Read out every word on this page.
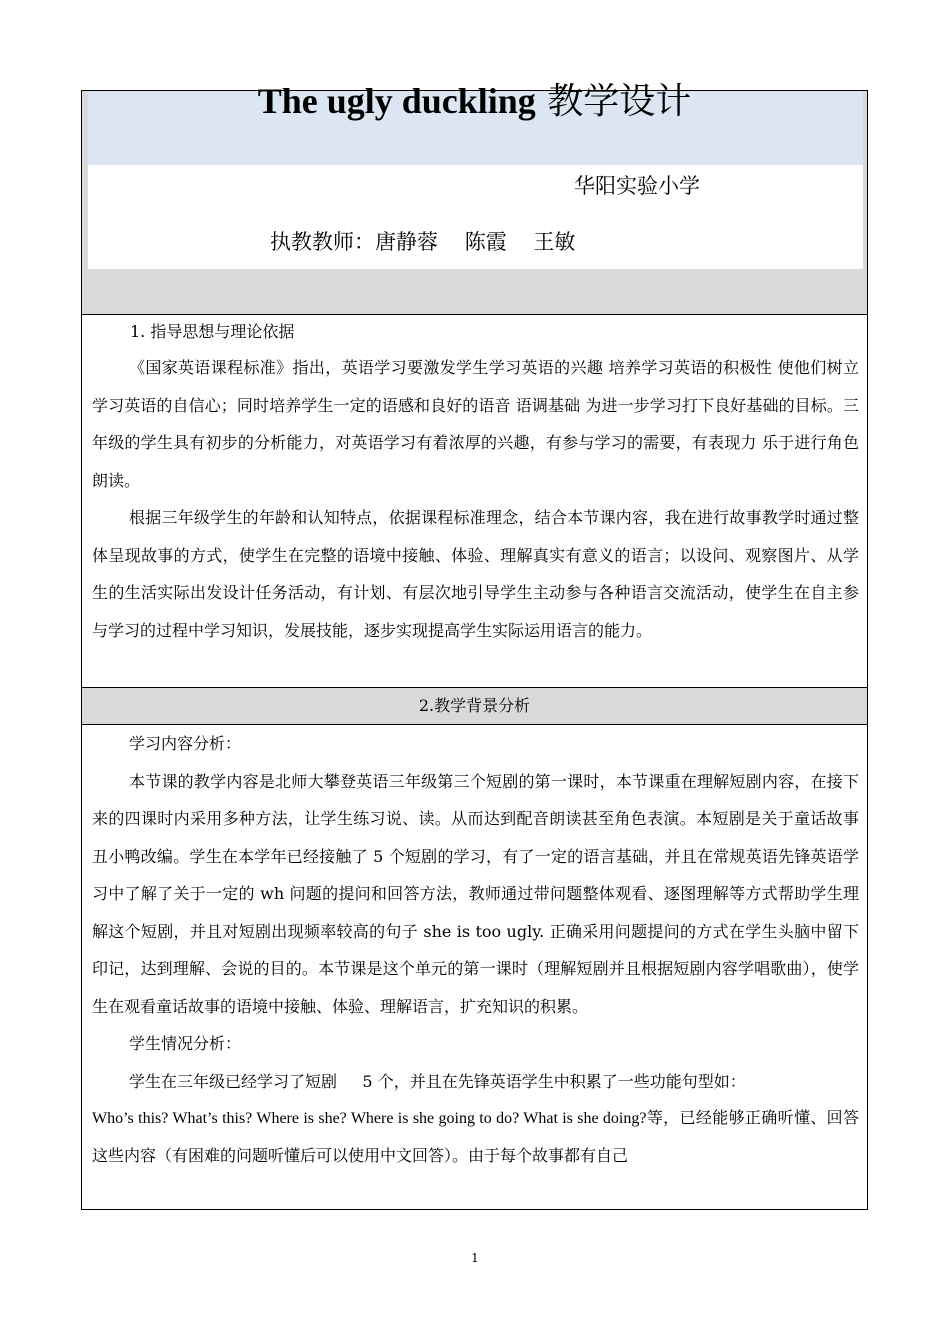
The ugly duckling 教学设计
华阳实验小学
执教教师：唐静蓉    陈霞    王敏
1. 指导思想与理论依据

《国家英语课程标准》指出，英语学习要激发学生学习英语的兴趣 培养学习英语的积极性 使他们树立学习英语的自信心；同时培养学生一定的语感和良好的语音 语调基础 为进一步学习打下良好基础的目标。三年级的学生具有初步的分析能力，对英语学习有着浓厚的兴趣，有参与学习的需要，有表现力 乐于进行角色朗读。

根据三年级学生的年龄和认知特点，依据课程标准理念，结合本节课内容，我在进行故事教学时通过整体呈现故事的方式，使学生在完整的语境中接触、体验、理解真实有意义的语言；以设问、观察图片、从学生的生活实际出发设计任务活动，有计划、有层次地引导学生主动参与各种语言交流活动，使学生在自主参与学习的过程中学习知识，发展技能，逐步实现提高学生实际运用语言的能力。

2.教学背景分析
学习内容分析：

本节课的教学内容是北师大攀登英语三年级第三个短剧的第一课时，本节课重在理解短剧内容，在接下来的四课时内采用多种方法，让学生练习说、读。从而达到配音朗读甚至角色表演。本短剧是关于童话故事丑小鸭改编。学生在本学年已经接触了 5 个短剧的学习，有了一定的语言基础，并且在常规英语先锋英语学习中了解了关于一定的 wh 问题的提问和回答方法，教师通过带问题整体观看、逐图理解等方式帮助学生理解这个短剧，并且对短剧出现频率较高的句子 she is too ugly. 正确采用问题提问的方式在学生头脑中留下印记，达到理解、会说的目的。本节课是这个单元的第一课时（理解短剧并且根据短剧内容学唱歌曲），使学生在观看童话故事的语境中接触、体验、理解语言，扩充知识的积累。

学生情况分析：

学生在三年级已经学习了短剧     5 个，并且在先锋英语学生中积累了一些功能句型如：

Who’s this? What’s this? Where is she? Where is she going to do? What is she doing?等，已经能够正确听懂、回答这些内容（有困难的问题听懂后可以使用中文回答）。由于每个故事都有自己

1
